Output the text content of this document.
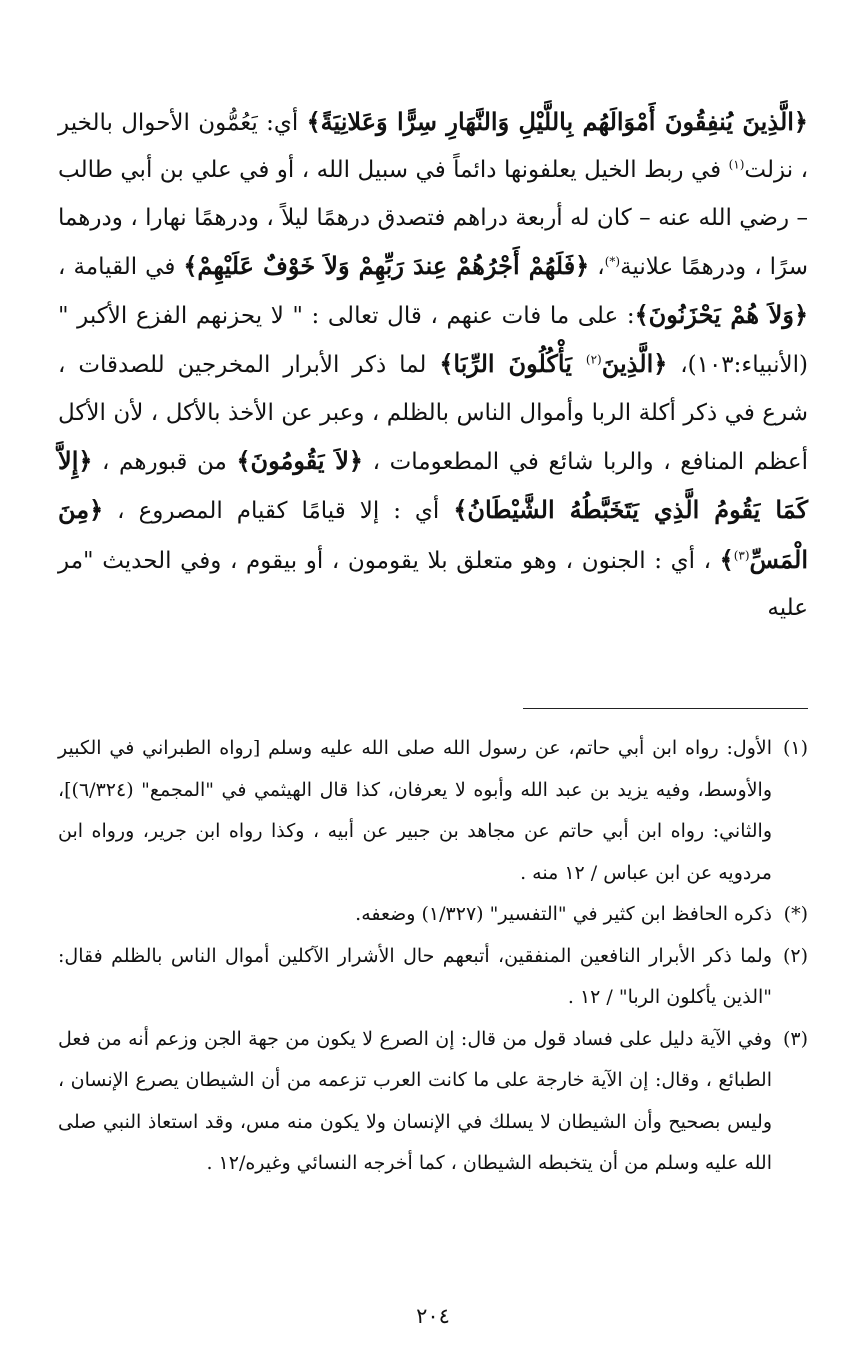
﴿الَّذِينَ يُنفِقُونَ أَمْوَالَهُم بِاللَّيْلِ وَالنَّهَارِ سِرًّا وَعَلانِيَةً﴾ أي: يَعُمُّون الأحوال بالخير ، نزلت$^{(١)}$ في ربط الخيل يعلفونها دائماً في سبيل الله ، أو في علي بن أبي طالب – رضي الله عنه – كان له أربعة دراهم فتصدق درهمًا ليلاً ، ودرهمًا نهارا ، ودرهما سرًا ، ودرهمًا علانية(*)، ﴿فَلَهُمْ أَجْرُهُمْ عِندَ رَبِّهِمْ وَلاَ خَوْفٌ عَلَيْهِمْ﴾ في القيامة ، ﴿وَلاَ هُمْ يَحْزَنُونَ﴾: على ما فات عنهم ، قال تعالى : " لا يحزنهم الفزع الأكبر " (الأنبياء:١٠٣)، ﴿الَّذِينَ$^{(٢)}$ يَأْكُلُونَ الرِّبَا﴾ لما ذكر الأبرار المخرجين للصدقات ، شرع في ذكر أكلة الربا وأموال الناس بالظلم ، وعبر عن الأخذ بالأكل ، لأن الأكل أعظم المنافع ، والربا شائع في المطعومات ، ﴿لاَ يَقُومُونَ﴾ من قبورهم ، ﴿إِلاَّ كَمَا يَقُومُ الَّذِي يَتَخَبَّطُهُ الشَّيْطَانُ﴾ أي : إلا قيامًا كقيام المصروع ، ﴿مِنَ الْمَسِّ$^{(٣)}$﴾ ، أي : الجنون ، وهو متعلق بلا يقومون ، أو بيقوم ، وفي الحديث "مر عليه
(١)
الأول: رواه ابن أبي حاتم، عن رسول الله صلى الله عليه وسلم [رواه الطبراني في الكبير والأوسط، وفيه يزيد بن عبد الله وأبوه لا يعرفان، كذا قال الهيثمي في "المجمع" (٦/٣٢٤)]، والثاني: رواه ابن أبي حاتم عن مجاهد بن جبير عن أبيه ، وكذا رواه ابن جرير، ورواه ابن مردويه عن ابن عباس / ١٢ منه .
(*)
ذكره الحافظ ابن كثير في "التفسير" (١/٣٢٧) وضعفه.
(٢)
ولما ذكر الأبرار النافعين المنفقين، أتبعهم حال الأشرار الآكلين أموال الناس بالظلم فقال: "الذين يأكلون الربا" / ١٢ .
(٣)
وفي الآية دليل على فساد قول من قال: إن الصرع لا يكون من جهة الجن وزعم أنه من فعل الطبائع ، وقال: إن الآية خارجة على ما كانت العرب تزعمه من أن الشيطان يصرع الإنسان ، وليس بصحيح وأن الشيطان لا يسلك في الإنسان ولا يكون منه مس، وقد استعاذ النبي صلى الله عليه وسلم من أن يتخبطه الشيطان ، كما أخرجه النسائي وغيره/١٢ .
٢٠٤
